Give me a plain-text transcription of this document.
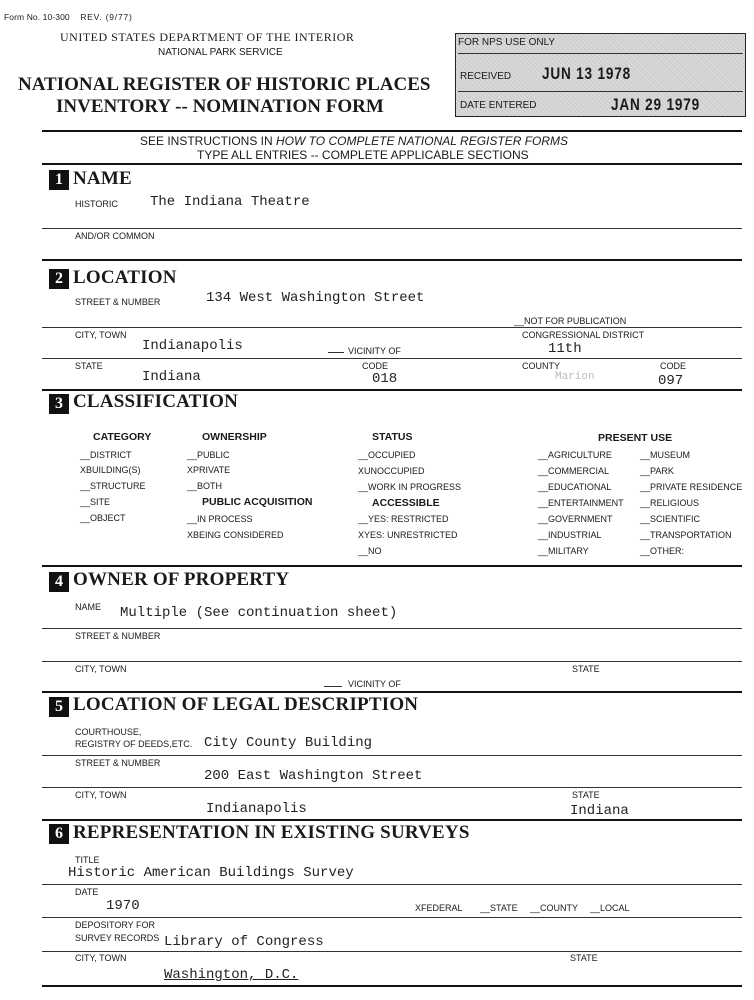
Form No. 10-300 REV. (9/77)
UNITED STATES DEPARTMENT OF THE INTERIOR
NATIONAL PARK SERVICE
NATIONAL REGISTER OF HISTORIC PLACES
INVENTORY -- NOMINATION FORM
FOR NPS USE ONLY
RECEIVED JUN 13 1978
DATE ENTERED	JAN 29 1979
SEE INSTRUCTIONS IN HOW TO COMPLETE NATIONAL REGISTER FORMS
TYPE ALL ENTRIES -- COMPLETE APPLICABLE SECTIONS
1 NAME
HISTORIC The Indiana Theatre
AND/OR COMMON
2 LOCATION
STREET & NUMBER	134 West Washington Street
__NOT FOR PUBLICATION
CITY, TOWN	CONGRESSIONAL DISTRICT
Indianapolis	VICINITY OF	11th
STATE	CODE	COUNTY	CODE
Indiana	018	Marion	097
3 CLASSIFICATION
CATEGORY
__DISTRICT
XBUILDING(S)
__STRUCTURE
__SITE
__OBJECT
OWNERSHIP
__PUBLIC
XPRIVATE
__BOTH
PUBLIC ACQUISITION
__IN PROCESS
XBEING CONSIDERED
STATUS
__OCCUPIED
XUNOCCUPIED
__WORK IN PROGRESS
ACCESSIBLE
__YES: RESTRICTED
XYES: UNRESTRICTED
__NO
PRESENT USE
__AGRICULTURE
__COMMERCIAL
__EDUCATIONAL
__ENTERTAINMENT
__GOVERNMENT
__INDUSTRIAL
__MILITARY
__MUSEUM
__PARK
__PRIVATE RESIDENCE
__RELIGIOUS
__SCIENTIFIC
__TRANSPORTATION
__OTHER:
4 OWNER OF PROPERTY
NAME Multiple (See continuation sheet)
STREET & NUMBER
CITY, TOWN	STATE
VICINITY OF
5 LOCATION OF LEGAL DESCRIPTION
COURTHOUSE,
REGISTRY OF DEEDS,ETC. City County Building
STREET & NUMBER
200 East Washington Street
CITY, TOWN	STATE
Indianapolis	Indiana
6 REPRESENTATION IN EXISTING SURVEYS
TITLE
Historic American Buildings Survey
DATE
1970	XFEDERAL __STATE __COUNTY __LOCAL
DEPOSITORY FOR
SURVEY RECORDS Library of Congress
CITY, TOWN	STATE
Washington, D.C.
